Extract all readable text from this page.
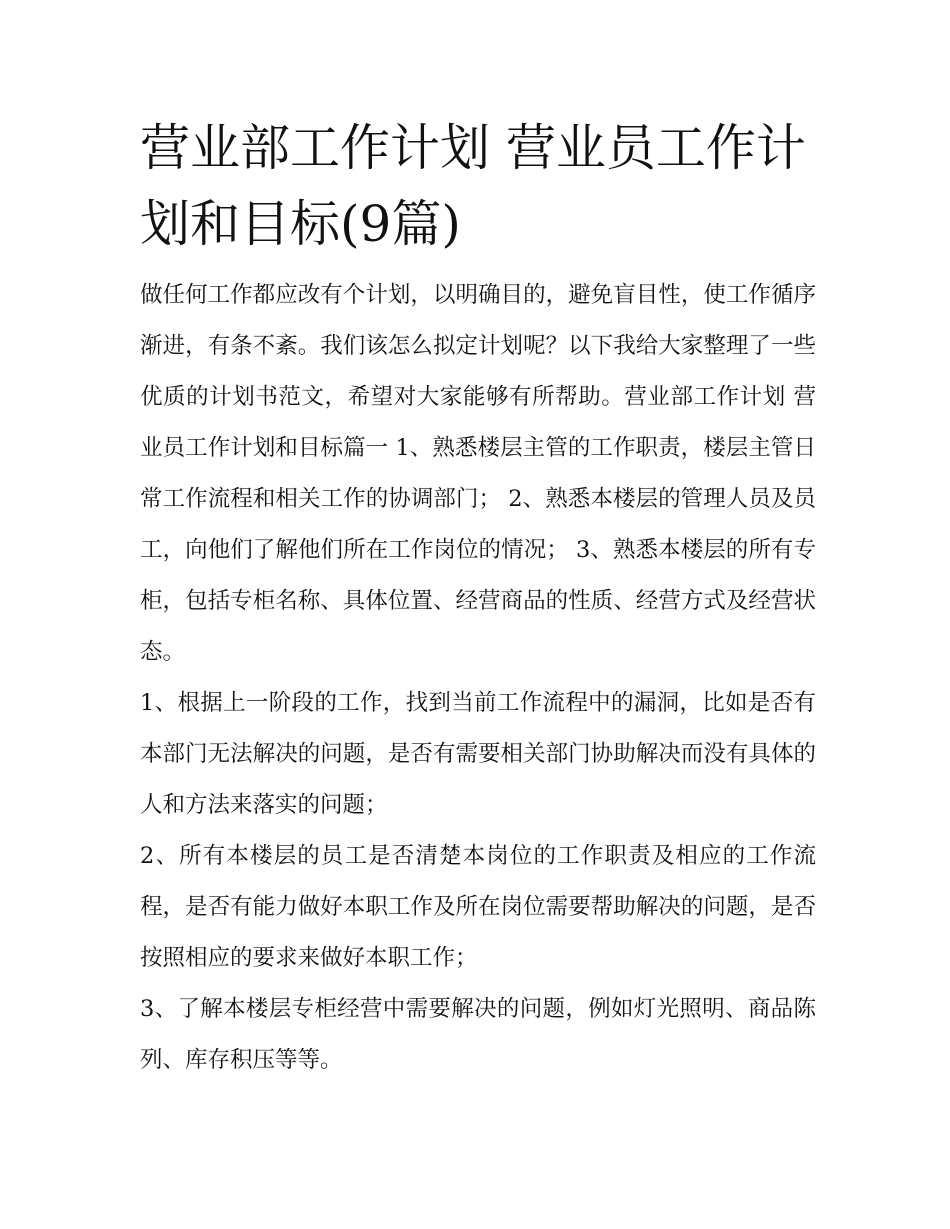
营业部工作计划 营业员工作计划和目标(9篇)

做任何工作都应改有个计划，以明确目的，避免盲目性，使工作循序渐进，有条不紊。我们该怎么拟定计划呢？以下我给大家整理了一些优质的计划书范文，希望对大家能够有所帮助。营业部工作计划 营业员工作计划和目标篇一 1、熟悉楼层主管的工作职责，楼层主管日常工作流程和相关工作的协调部门； 2、熟悉本楼层的管理人员及员工，向他们了解他们所在工作岗位的情况； 3、熟悉本楼层的所有专柜，包括专柜名称、具体位置、经营商品的性质、经营方式及经营状态。

1、根据上一阶段的工作，找到当前工作流程中的漏洞，比如是否有本部门无法解决的问题，是否有需要相关部门协助解决而没有具体的人和方法来落实的问题；

2、所有本楼层的员工是否清楚本岗位的工作职责及相应的工作流程，是否有能力做好本职工作及所在岗位需要帮助解决的问题，是否按照相应的要求来做好本职工作；

3、了解本楼层专柜经营中需要解决的问题，例如灯光照明、商品陈列、库存积压等等。
